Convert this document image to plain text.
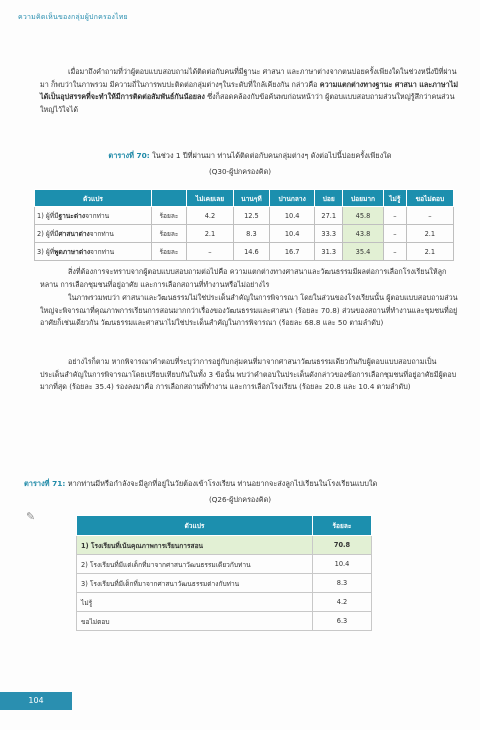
ความคิดเห็นของกลุ่มผู้ปกครองไทย
เมื่อมาถึงคำถามที่ว่าผู้ตอบแบบสอบถามได้ติดต่อกับคนที่มีฐานะ ศาสนา และภาษาต่างจากตนบ่อยครั้งเพียงใดในช่วงหนึ่งปีที่ผ่านมา ก็พบว่าในภาพรวม มีความถี่ในการพบปะติดต่อกลุ่มต่างๆในระดับที่ใกล้เคียงกัน กล่าวคือ ความแตกต่างทางฐานะ ศาสนา และภาษาไม่ได้เป็นอุปสรรคที่จะทำให้มีการติดต่อสัมพันธ์กันน้อยลง ซึ่งก็สอดคล้องกับข้อค้นพบก่อนหน้าว่า ผู้ตอบแบบสอบถามส่วนใหญ่รู้สึกว่าคนส่วนใหญ่ไว้ใจได้
ตารางที่ 70: ในช่วง 1 ปีที่ผ่านมา ท่านได้ติดต่อกับคนกลุ่มต่างๆ ดังต่อไปนี้บ่อยครั้งเพียงใด
(Q30-ผู้ปกครองคิด)
ตัวแปร		ไม่เคยเลย	นานๆที	ปานกลาง	บ่อย	บ่อยมาก	ไม่รู้	ขอไม่ตอบ
1) ผู้ที่มีฐานะต่างจากท่าน	ร้อยละ	4.2	12.5	10.4	27.1	45.8	–	–
2) ผู้ที่มีศาสนาต่างจากท่าน	ร้อยละ	2.1	8.3	10.4	33.3	43.8	–	2.1
3) ผู้ที่พูดภาษาต่างจากท่าน	ร้อยละ	–	14.6	16.7	31.3	35.4	–	2.1
สิ่งที่ต้องการจะทราบจากผู้ตอบแบบสอบถามต่อไปคือ ความแตกต่างทางศาสนาและวัฒนธรรมมีผลต่อการเลือกโรงเรียนให้ลูกหลาน การเลือกชุมชนที่อยู่อาศัย และการเลือกสถานที่ทำงานหรือไม่อย่างไร
ในภาพรวมพบว่า ศาสนาและวัฒนธรรมไม่ใช่ประเด็นสำคัญในการพิจารณา โดยในส่วนของโรงเรียนนั้น ผู้ตอบแบบสอบถามส่วนใหญ่จะพิจารณาที่คุณภาพการเรียนการสอนมากกว่าเรื่องของวัฒนธรรมและศาสนา (ร้อยละ 70.8) ส่วนของสถานที่ทำงานและชุมชนที่อยู่อาศัยก็เช่นเดียวกัน วัฒนธรรมและศาสนาไม่ใช่ประเด็นสำคัญในการพิจารณา (ร้อยละ 68.8 และ 50 ตามลำดับ)
อย่างไรก็ตาม หากพิจารณาคำตอบที่ระบุว่าการอยู่กับกลุ่มคนที่มาจากศาสนาวัฒนธรรมเดียวกันกับผู้ตอบแบบสอบถามเป็นประเด็นสำคัญในการพิจารณาโดยเปรียบเทียบกันในทั้ง 3 ข้อนั้น พบว่าคำตอบในประเด็นดังกล่าวของข้อการเลือกชุมชนที่อยู่อาศัยมีผู้ตอบมากที่สุด (ร้อยละ 35.4) รองลงมาคือ การเลือกสถานที่ทำงาน และการเลือกโรงเรียน (ร้อยละ 20.8 และ 10.4 ตามลำดับ)
ตารางที่ 71: หากท่านมีหรือกำลังจะมีลูกที่อยู่ในวัยต้องเข้าโรงเรียน ท่านอยากจะส่งลูกไปเรียนในโรงเรียนแบบใด
(Q26-ผู้ปกครองคิด)
✎
ตัวแปร	ร้อยละ
1) โรงเรียนที่เน้นคุณภาพการเรียนการสอน	70.8
2) โรงเรียนที่มีแต่เด็กที่มาจากศาสนาวัฒนธรรมเดียวกับท่าน	10.4
3) โรงเรียนที่มีเด็กที่มาจากศาสนาวัฒนธรรมต่างกับท่าน	8.3
ไม่รู้	4.2
ขอไม่ตอบ	6.3
104
